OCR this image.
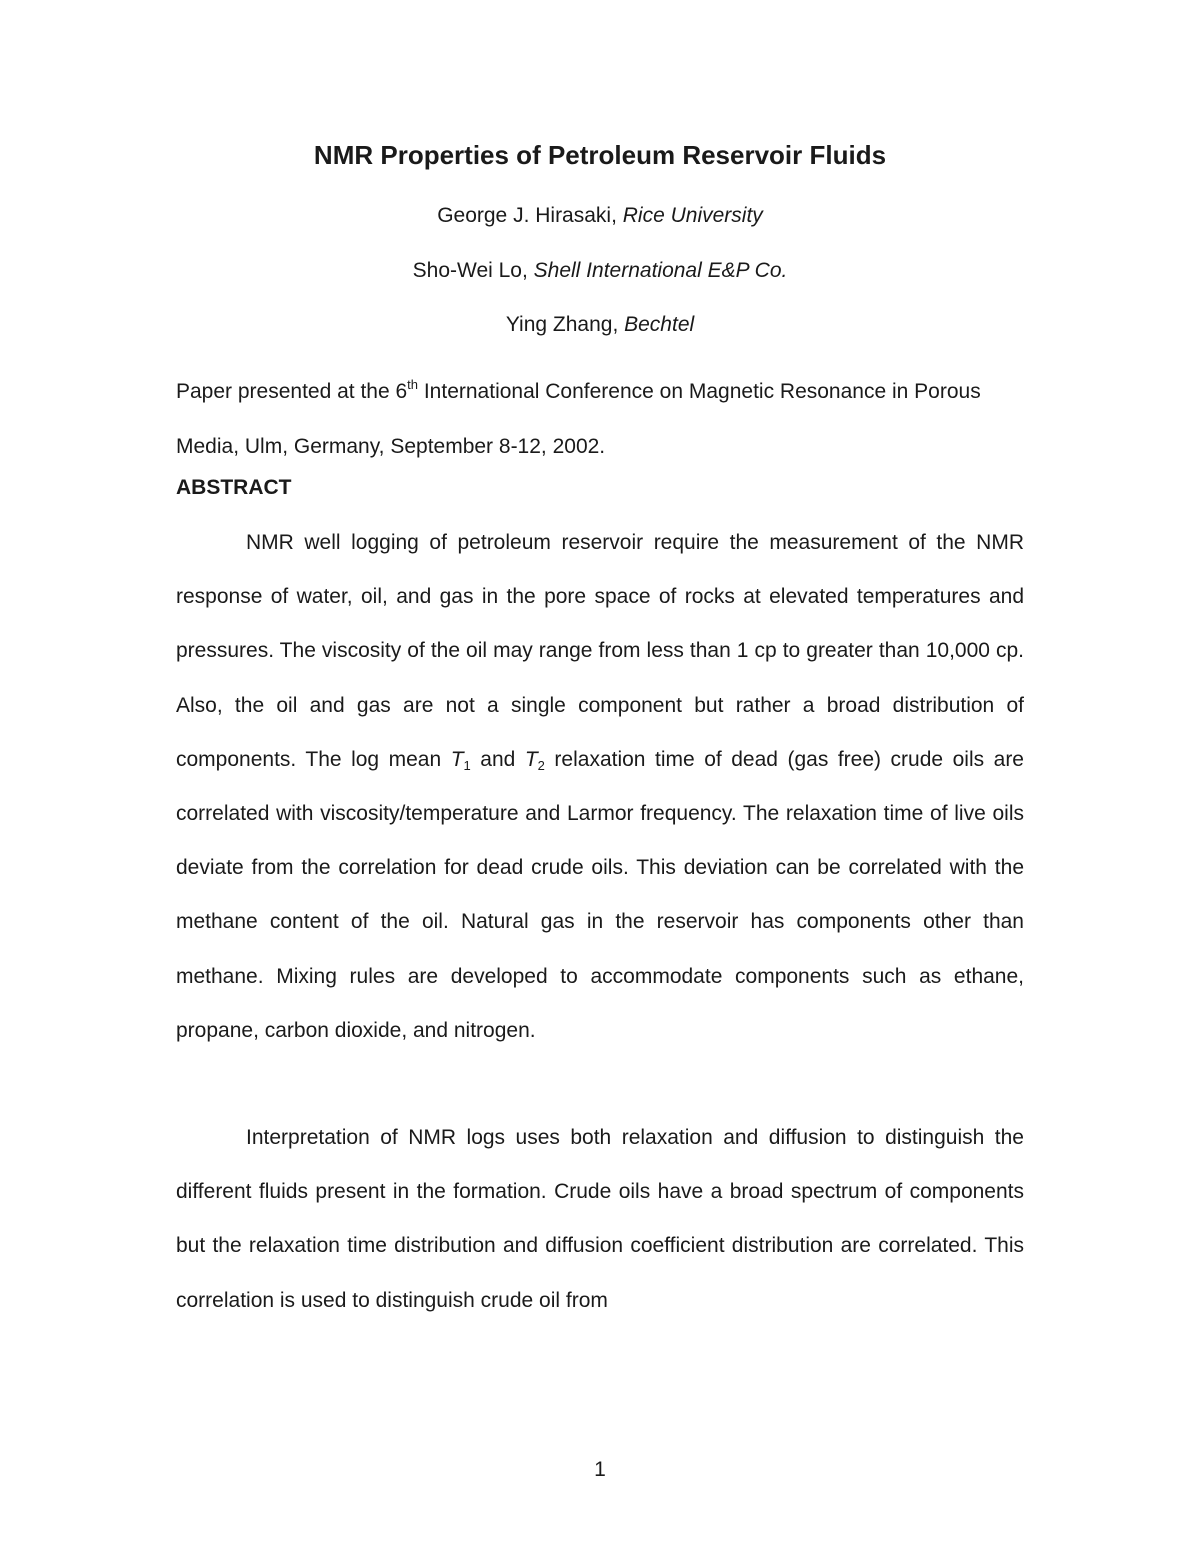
NMR Properties of Petroleum Reservoir Fluids
George J. Hirasaki, Rice University
Sho-Wei Lo, Shell International E&P Co.
Ying Zhang, Bechtel
Paper presented at the 6th International Conference on Magnetic Resonance in Porous Media, Ulm, Germany, September 8-12, 2002.
ABSTRACT
NMR well logging of petroleum reservoir require the measurement of the NMR response of water, oil, and gas in the pore space of rocks at elevated temperatures and pressures. The viscosity of the oil may range from less than 1 cp to greater than 10,000 cp. Also, the oil and gas are not a single component but rather a broad distribution of components. The log mean $T_1$ and $T_2$ relaxation time of dead (gas free) crude oils are correlated with viscosity/temperature and Larmor frequency. The relaxation time of live oils deviate from the correlation for dead crude oils. This deviation can be correlated with the methane content of the oil. Natural gas in the reservoir has components other than methane. Mixing rules are developed to accommodate components such as ethane, propane, carbon dioxide, and nitrogen.
Interpretation of NMR logs uses both relaxation and diffusion to distinguish the different fluids present in the formation. Crude oils have a broad spectrum of components but the relaxation time distribution and diffusion coefficient distribution are correlated. This correlation is used to distinguish crude oil from
1
